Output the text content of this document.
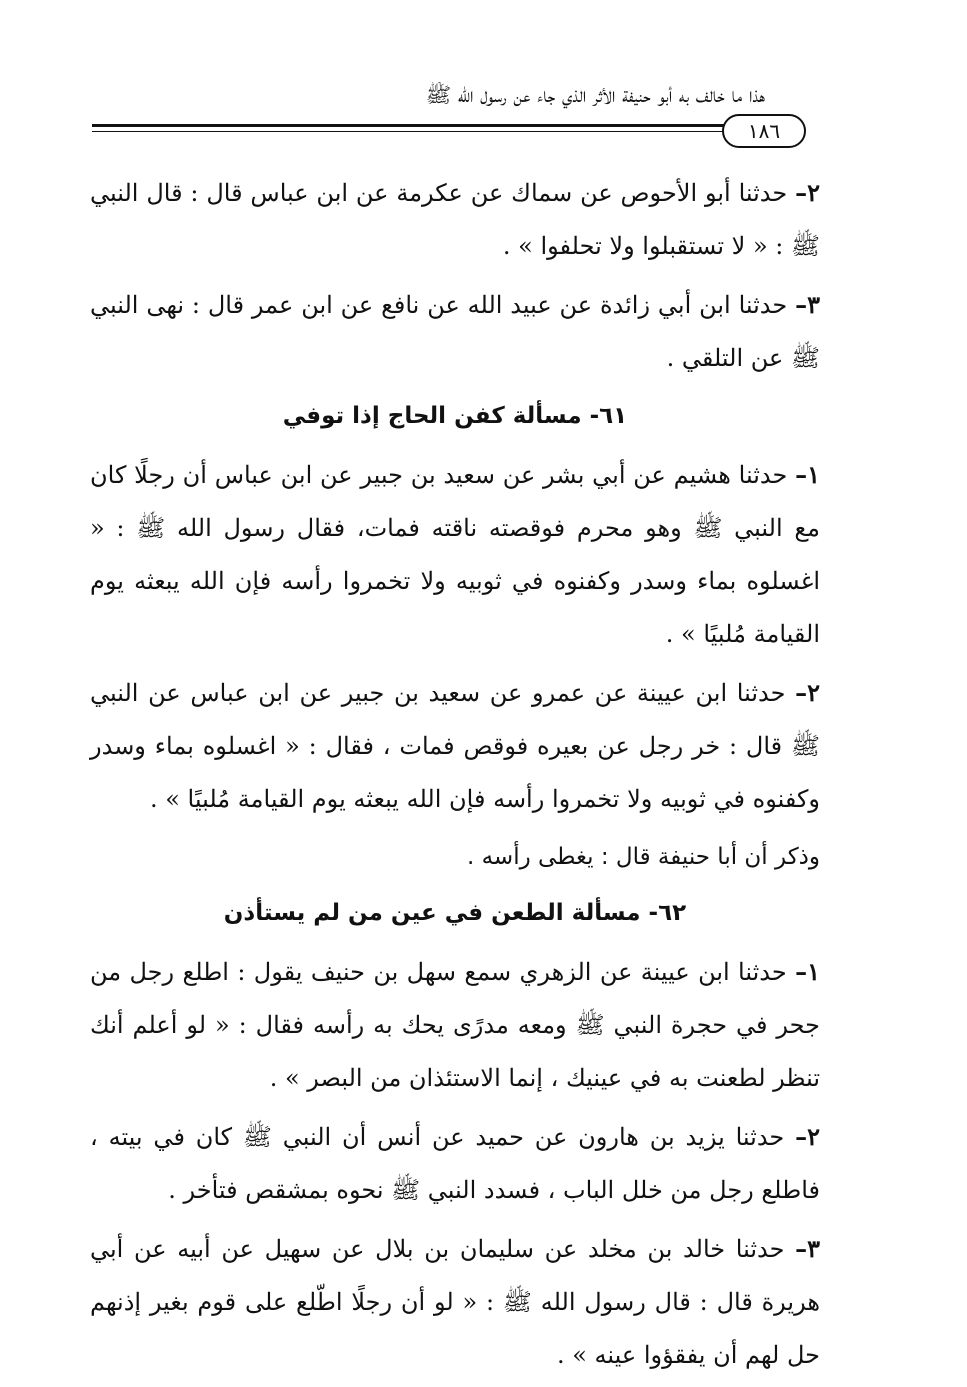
هذا ما خالف به أبو حنيفة الأثر الذي جاء عن رسول الله ﷺ
١٨٦

٢– حدثنا أبو الأحوص عن سماك عن عكرمة عن ابن عباس قال : قال النبي ﷺ : « لا تستقبلوا ولا تحلفوا » .

٣– حدثنا ابن أبي زائدة عن عبيد الله عن نافع عن ابن عمر قال : نهى النبي ﷺ عن التلقي .

٦١- مسألة كفن الحاج إذا توفي

١– حدثنا هشيم عن أبي بشر عن سعيد بن جبير عن ابن عباس أن رجلًا كان مع النبي ﷺ وهو محرم فوقصته ناقته فمات، فقال رسول الله ﷺ : « اغسلوه بماء وسدر وكفنوه في ثوبيه ولا تخمروا رأسه فإن الله يبعثه يوم القيامة مُلبيًا » .

٢– حدثنا ابن عيينة عن عمرو عن سعيد بن جبير عن ابن عباس عن النبي ﷺ قال : خر رجل عن بعيره فوقص فمات ، فقال : « اغسلوه بماء وسدر وكفنوه في ثوبيه ولا تخمروا رأسه فإن الله يبعثه يوم القيامة مُلبيًا » .

وذكر أن أبا حنيفة قال : يغطى رأسه .

٦٢- مسألة الطعن في عين من لم يستأذن

١– حدثنا ابن عيينة عن الزهري سمع سهل بن حنيف يقول : اطلع رجل من جحر في حجرة النبي ﷺ ومعه مدرًى يحك به رأسه فقال : « لو أعلم أنك تنظر لطعنت به في عينيك ، إنما الاستئذان من البصر » .

٢– حدثنا يزيد بن هارون عن حميد عن أنس أن النبي ﷺ كان في بيته ، فاطلع رجل من خلل الباب ، فسدد النبي ﷺ نحوه بمشقص فتأخر .

٣– حدثنا خالد بن مخلد عن سليمان بن بلال عن سهيل عن أبيه عن أبي هريرة قال : قال رسول الله ﷺ : « لو أن رجلًا اطّلع على قوم بغير إذنهم حل لهم أن يفقؤوا عينه » .
